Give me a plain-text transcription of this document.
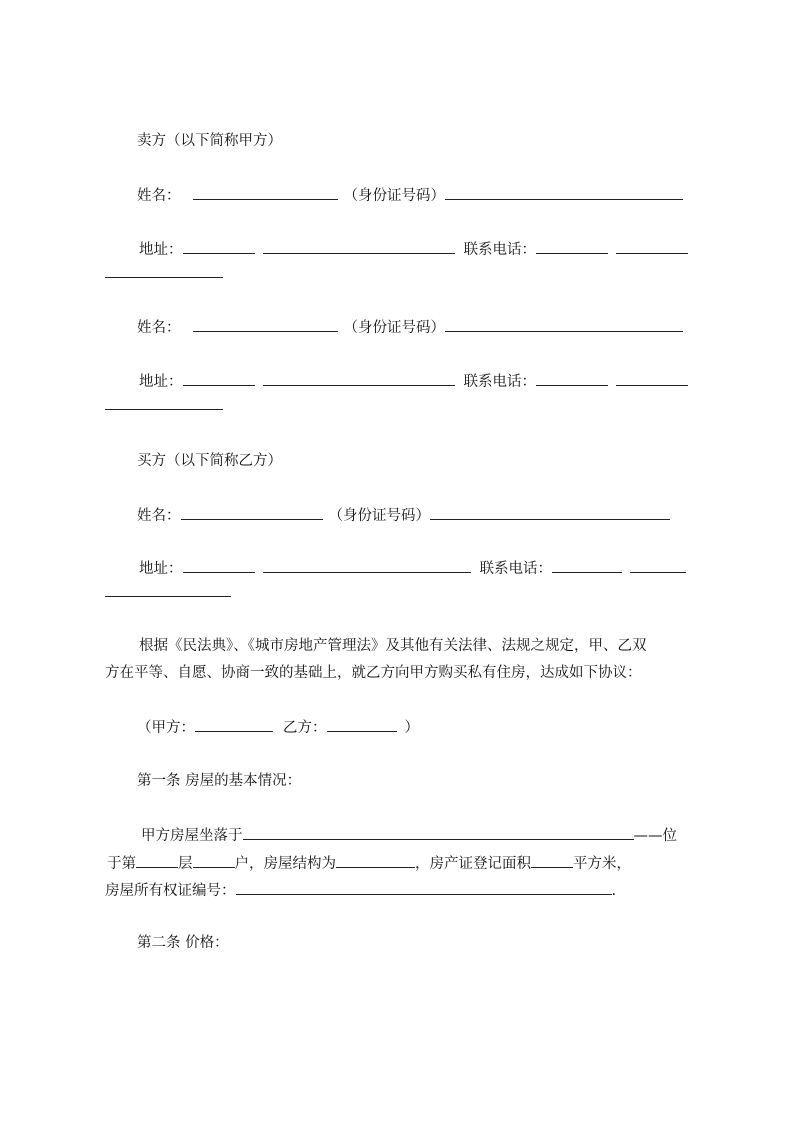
卖方（以下简称甲方）
姓名：	（身份证号码）
地址：	联系电话：
姓名：	（身份证号码）
地址：	联系电话：
买方（以下简称乙方）
姓名：	（身份证号码）
地址：	联系电话：
根据《民法典》、《城市房地产管理法》及其他有关法律、法规之规定，甲、乙双
方在平等、自愿、协商一致的基础上，就乙方向甲方购买私有住房，达成如下协议：
（甲方：	乙方：	）
第一条 房屋的基本情况：
甲方房屋坐落于	——位
于第	层	户，房屋结构为	，房产证登记面积	平方米，
房屋所有权证编号：	.
第二条 价格：
